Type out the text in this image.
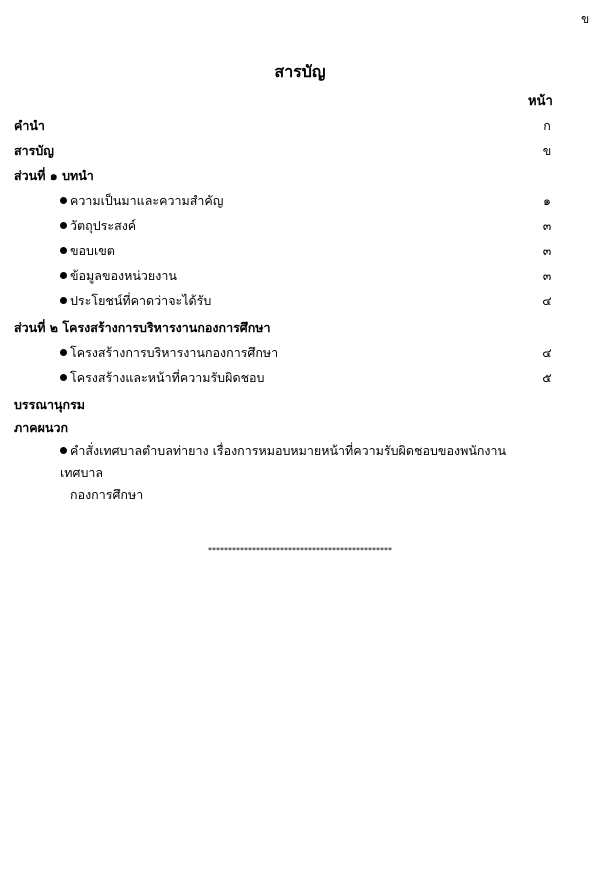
ข
สารบัญ
หน้า
คำนำ	ก
สารบัญ	ข
ส่วนที่ ๑ บทนำ
ความเป็นมาและความสำคัญ	๑
วัตถุประสงค์	๓
ขอบเขต	๓
ข้อมูลของหน่วยงาน	๓
ประโยชน์ที่คาดว่าจะได้รับ	๔
ส่วนที่ ๒ โครงสร้างการบริหารงานกองการศึกษา
โครงสร้างการบริหารงานกองการศึกษา	๔
โครงสร้างและหน้าที่ความรับผิดชอบ	๕
บรรณานุกรม
ภาคผนวก
คำสั่งเทศบาลตำบลท่ายาง เรื่องการหมอบหมายหน้าที่ความรับผิดชอบของพนักงานเทศบาล
กองการศึกษา
**********************************************
